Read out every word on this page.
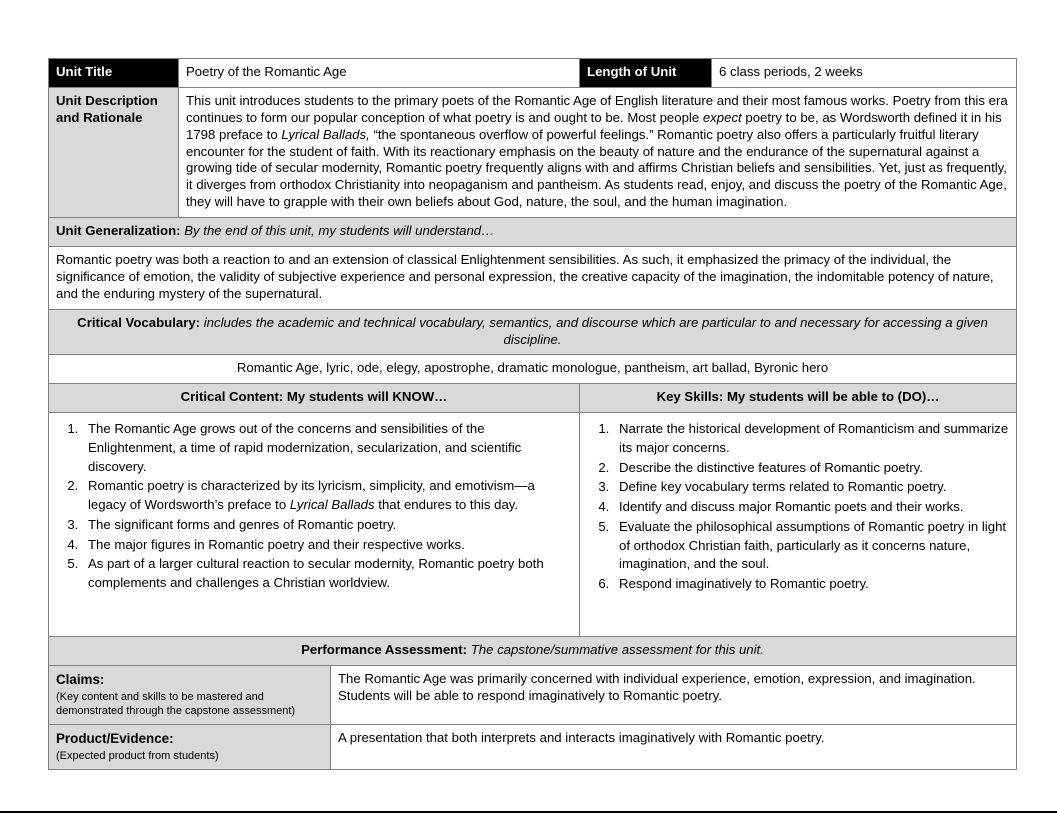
Unit Title	Poetry of the Romantic Age		Length of Unit	6 class periods, 2 weeks
Unit Description and Rationale	This unit introduces students to the primary poets of the Romantic Age of English literature and their most famous works. Poetry from this era continues to form our popular conception of what poetry is and ought to be. Most people expect poetry to be, as Wordsworth defined it in his 1798 preface to Lyrical Ballads, “the spontaneous overflow of powerful feelings.” Romantic poetry also offers a particularly fruitful literary encounter for the student of faith. With its reactionary emphasis on the beauty of nature and the endurance of the supernatural against a growing tide of secular modernity, Romantic poetry frequently aligns with and affirms Christian beliefs and sensibilities. Yet, just as frequently, it diverges from orthodox Christianity into neopaganism and pantheism. As students read, enjoy, and discuss the poetry of the Romantic Age, they will have to grapple with their own beliefs about God, nature, the soul, and the human imagination.			
Unit Generalization: By the end of this unit, my students will understand…				
Romantic poetry was both a reaction to and an extension of classical Enlightenment sensibilities. As such, it emphasized the primacy of the individual, the significance of emotion, the validity of subjective experience and personal expression, the creative capacity of the imagination, the indomitable potency of nature, and the enduring mystery of the supernatural.				
Critical Vocabulary: includes the academic and technical vocabulary, semantics, and discourse which are particular to and necessary for accessing a given discipline.				
Romantic Age, lyric, ode, elegy, apostrophe, dramatic monologue, pantheism, art ballad, Byronic hero				
Critical Content: My students will KNOW…			Key Skills: My students will be able to (DO)…	

1. The Romantic Age grows out of the concerns and sensibilities of the Enlightenment, a time of rapid modernization, secularization, and scientific discovery.
2. Romantic poetry is characterized by its lyricism, simplicity, and emotivism—a legacy of Wordsworth’s preface to Lyrical Ballads that endures to this day.
3. The significant forms and genres of Romantic poetry.
4. The major figures in Romantic poetry and their respective works.
5. As part of a larger cultural reaction to secular modernity, Romantic poetry both complements and challenges a Christian worldview.

1. Narrate the historical development of Romanticism and summarize its major concerns.
2. Describe the distinctive features of Romantic poetry.
3. Define key vocabulary terms related to Romantic poetry.
4. Identify and discuss major Romantic poets and their works.
5. Evaluate the philosophical assumptions of Romantic poetry in light of orthodox Christian faith, particularly as it concerns nature, imagination, and the soul.
6. Respond imaginatively to Romantic poetry.

Performance Assessment: The capstone/summative assessment for this unit.				
Claims:
(Key content and skills to be mastered and demonstrated through the capstone assessment)		The Romantic Age was primarily concerned with individual experience, emotion, expression, and imagination. Students will be able to respond imaginatively to Romantic poetry.		
Product/Evidence:
(Expected product from students)		A presentation that both interprets and interacts imaginatively with Romantic poetry.		
